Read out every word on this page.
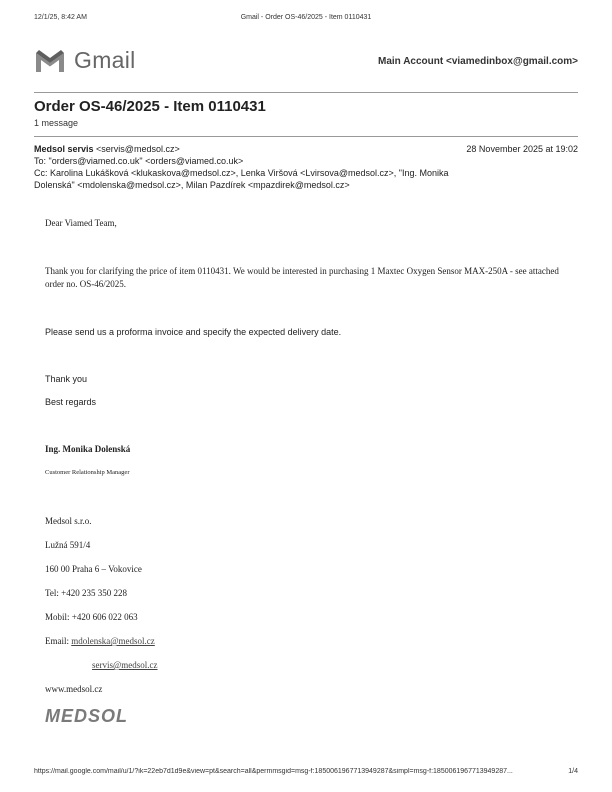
12/1/25, 8:42 AM	Gmail - Order OS-46/2025 - Item 0110431
Gmail	Main Account <viamedinbox@gmail.com>
Order OS-46/2025 - Item 0110431
1 message
Medsol servis <servis@medsol.cz>	28 November 2025 at 19:02
To: "orders@viamed.co.uk" <orders@viamed.co.uk>
Cc: Karolina Lukášková <klukaskova@medsol.cz>, Lenka Viršová <Lvirsova@medsol.cz>, "Ing. Monika
Dolenská" <mdolenska@medsol.cz>, Milan Pazdírek <mpazdirek@medsol.cz>
Dear Viamed Team,
Thank you for clarifying the price of item 0110431. We would be interested in purchasing 1 Maxtec Oxygen Sensor MAX-250A - see attached order no. OS-46/2025.
Please send us a proforma invoice and specify the expected delivery date.
Thank you
Best regards
Ing. Monika Dolenská
Customer Relationship Manager
Medsol s.r.o.
Lužná 591/4
160 00 Praha 6 – Vokovice
Tel: +420 235 350 228
Mobil: +420 606 022 063
Email: mdolenska@medsol.cz
servis@medsol.cz
www.medsol.cz
MEDSOL
https://mail.google.com/mail/u/1/?ik=22eb7d1d9e&view=pt&search=all&permmsgid=msg-f:1850061967713949287&simpl=msg-f:1850061967713949287...	1/4
